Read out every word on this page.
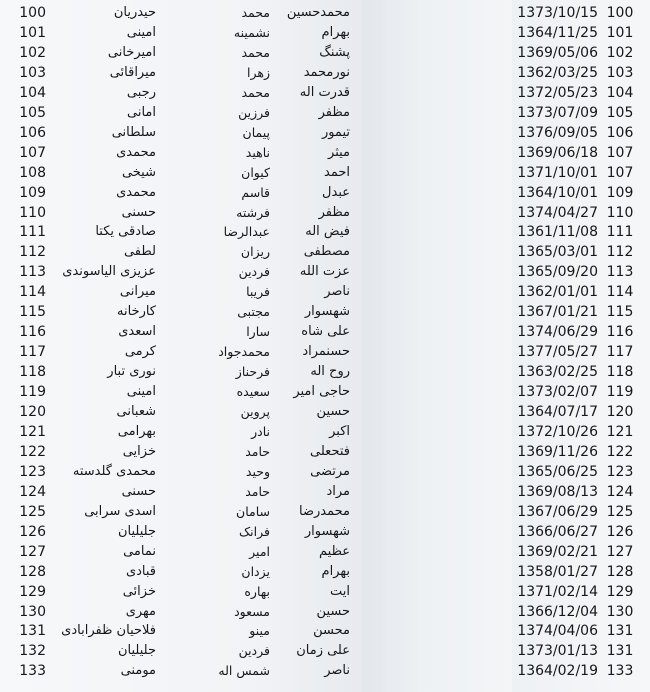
100	حیدریان	محمد	محمدحسین	1373/10/15 100
101	امینی	نشمینه	بهرام	1364/11/25 101
102	امیرخانی	محمد	پشنگ	1369/05/06 102
103	میراقائی	زهرا	نورمحمد	1362/03/25 103
104	رجبی	محمد	قدرت اله	1372/05/23 104
105	امانی	فرزین	مظفر	1373/07/09 105
106	سلطانی	پیمان	تیمور	1376/09/05 106
107	محمدی	ناهید	میثر	1369/06/18 107
108	شیخی	کیوان	احمد	1371/10/01 107
109	محمدی	قاسم	عبدل	1364/10/01 109
110	حسنی	فرشته	مظفر	1374/04/27 110
111	صادقی یکتا	عبدالرضا	فیض اله	1361/11/08 111
112	لطفی	ریزان	مصطفی	1365/03/01 112
113	عزیزی الیاسوندی	فردین	عزت الله	1365/09/20 113
114	میرانی	فریبا	ناصر	1362/01/01 114
115	کارخانه	مجتبی	شهسوار	1367/01/21 115
116	اسعدی	سارا	علی شاه	1374/06/29 116
117	کرمی	محمدجواد	حسنمراد	1377/05/27 117
118	نوری تبار	فرحناز	روح اله	1363/02/25 118
119	امینی	سعیده	حاجی امیر	1373/02/07 119
120	شعبانی	پروین	حسین	1364/07/17 120
121	بهرامی	نادر	اکبر	1372/10/26 121
122	خزایی	حامد	فتحعلی	1369/11/26 122
123	محمدی گلدسته	وحید	مرتضی	1365/06/25 123
124	حسنی	حامد	مراد	1369/08/13 124
125	اسدی سرابی	سامان	محمدرضا	1367/06/29 125
126	جلیلیان	فرانک	شهسوار	1366/06/27 126
127	نمامی	امیر	عظیم	1369/02/21 127
128	قبادی	یزدان	بهرام	1358/01/27 128
129	خزائی	بهاره	ایت	1371/02/14 129
130	مهری	مسعود	حسین	1366/12/04 130
131	فلاحیان ظفرابادی	مینو	محسن	1374/04/06 131
132	جلیلیان	فردین	علی زمان	1373/01/13 131
133	مومنی	شمس اله	ناصر	1364/02/19 133
